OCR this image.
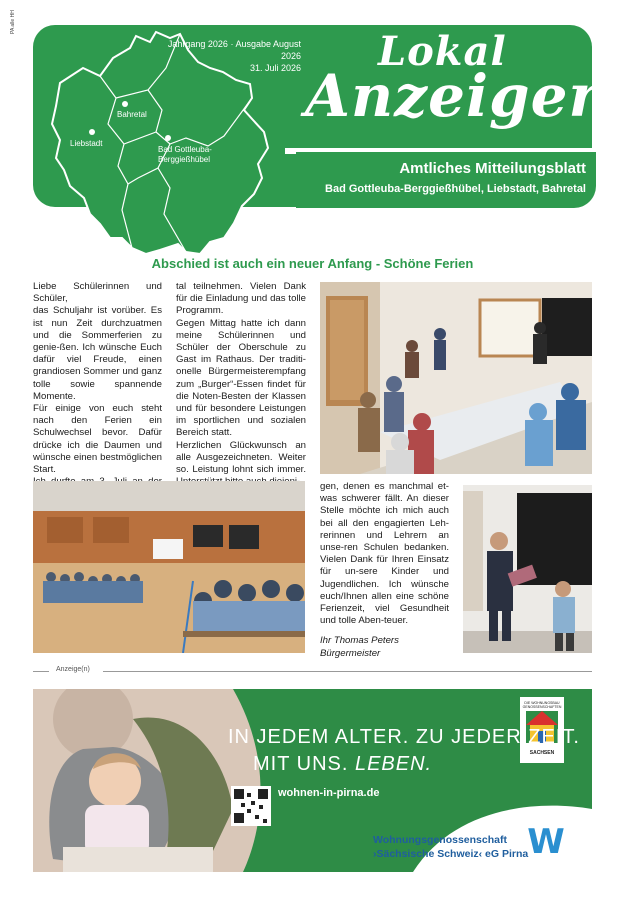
PA alle HH
Bahretal
Liebstadt
Bad Gottleuba-
Berggießhübel
Jahrgang 2026 · Ausgabe August 2026
31. Juli 2026 Lokal
Anzeiger
Amtliches Mitteilungsblatt
Bad Gottleuba-Berggießhübel, Liebstadt, Bahretal
Abschied ist auch ein neuer Anfang - Schöne Ferien

Liebe Schülerinnen und Schüler,

das Schuljahr ist vorüber. Es ist nun Zeit durchzuatmen und die Sommerferien zu genie-ßen. Ich wünsche Euch dafür viel Freude, einen grandiosen Sommer und ganz tolle sowie spannende Momente.

Für einige von euch steht nach den Ferien ein Schulwechsel bevor. Dafür drücke ich die Daumen und wünsche einen bestmöglichen Start.

tal teilnehmen. Vielen Dank für die Einladung und das tolle Programm.

Gegen Mittag hatte ich dann meine Schülerinnen und Schüler der Oberschule zu Gast im Rathaus. Der traditi-onelle Bürgermeisterempfang zum „Burger“-Essen findet für die Noten-Besten der Klassen und für besondere Leistungen im sportlichen und sozialen Bereich statt.

Herzlichen Glückwunsch an alle Ausgezeichneten. Weiter so. Leistung lohnt sich immer.

gen, denen es manchmal et-was schwerer fällt. An dieser Stelle möchte ich mich auch bei all den engagierten Leh-rerinnen und Lehrern an unse-ren Schulen bedanken. Vielen Dank für Ihren Einsatz für un-sere Kinder und Jugendlichen. Ich wünsche euch/Ihnen allen eine schöne Ferienzeit, viel Gesundheit und tolle Aben-teuer.

Ihr Thomas Peters

Bürgermeister

Anzeige(n)
W
IN JEDEM ALTER. ZU JEDER ZEIT.
MIT UNS. LEBEN.
wohnen-in-pirna.de
Wohnungsgenossenschaft
›Sächsische Schweiz‹ eG Pirna
DIE WOHNUNGSBAU GENOSSENSCHAFTEN
SACHSEN
